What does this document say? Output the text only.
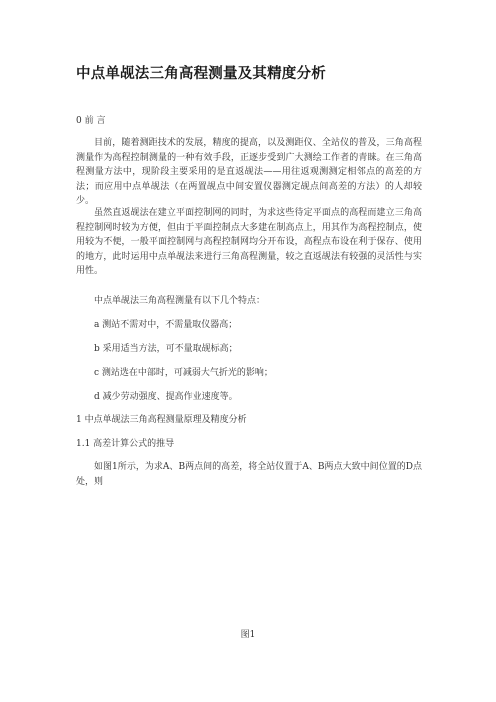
中点单觇法三角高程测量及其精度分析
0 前 言
目前，随着测距技术的发展，精度的提高，以及测距仪、全站仪的普及，三角高程测量作为高程控制测量的一种有效手段，正逐步受到广大测绘工作者的青睐。在三角高程测量方法中，现阶段主要采用的是直返觇法——用往返观测测定相邻点的高差的方法；而应用中点单觇法（在两置觇点中间安置仪器测定觇点间高差的方法）的人却较少。
虽然直返觇法在建立平面控制网的同时，为求这些待定平面点的高程而建立三角高程控制网时较为方便，但由于平面控制点大多建在制高点上，用其作为高程控制点，使用较为不便，一般平面控制网与高程控制网均分开布设，高程点布设在利于保存、使用的地方，此时运用中点单觇法来进行三角高程测量，较之直返觇法有较强的灵活性与实用性。
中点单觇法三角高程测量有以下几个特点：
a 测站不需对中，不需量取仪器高；
b 采用适当方法，可不量取觇标高；
c 测站选在中部时，可减弱大气折光的影响；
d 减少劳动强度、提高作业速度等。
1 中点单觇法三角高程测量原理及精度分析
1.1 高差计算公式的推导
如图1所示，为求A、B两点间的高差，将全站仪置于A、B两点大致中间位置的D点处，则
图1
